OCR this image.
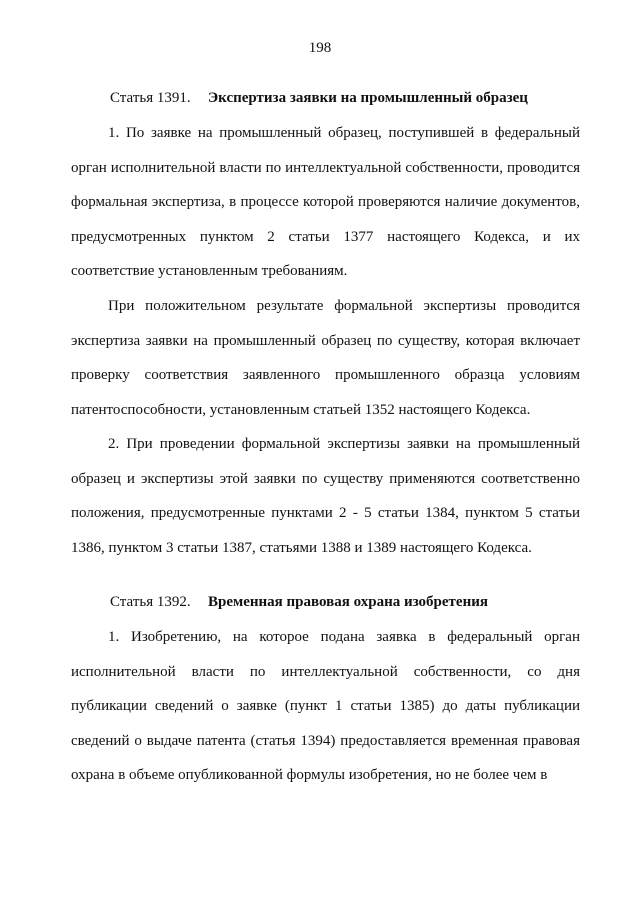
198
Статья 1391. Экспертиза заявки на промышленный образец

1. По заявке на промышленный образец, поступившей в федеральный орган исполнительной власти по интеллектуальной собственности, проводится формальная экспертиза, в процессе которой проверяются наличие документов, предусмотренных пунктом 2 статьи 1377 настоящего Кодекса, и их соответствие установленным требованиям.

При положительном результате формальной экспертизы проводится экспертиза заявки на промышленный образец по существу, которая включает проверку соответствия заявленного промышленного образца условиям патентоспособности, установленным статьей 1352 настоящего Кодекса.

2. При проведении формальной экспертизы заявки на промышленный образец и экспертизы этой заявки по существу применяются соответственно положения, предусмотренные пунктами 2 - 5 статьи 1384, пунктом 5 статьи 1386, пунктом 3 статьи 1387, статьями 1388 и 1389 настоящего Кодекса.

Статья 1392. Временная правовая охрана изобретения

1. Изобретению, на которое подана заявка в федеральный орган исполнительной власти по интеллектуальной собственности, со дня публикации сведений о заявке (пункт 1 статьи 1385) до даты публикации сведений о выдаче патента (статья 1394) предоставляется временная правовая охрана в объеме опубликованной формулы изобретения, но не более чем в
